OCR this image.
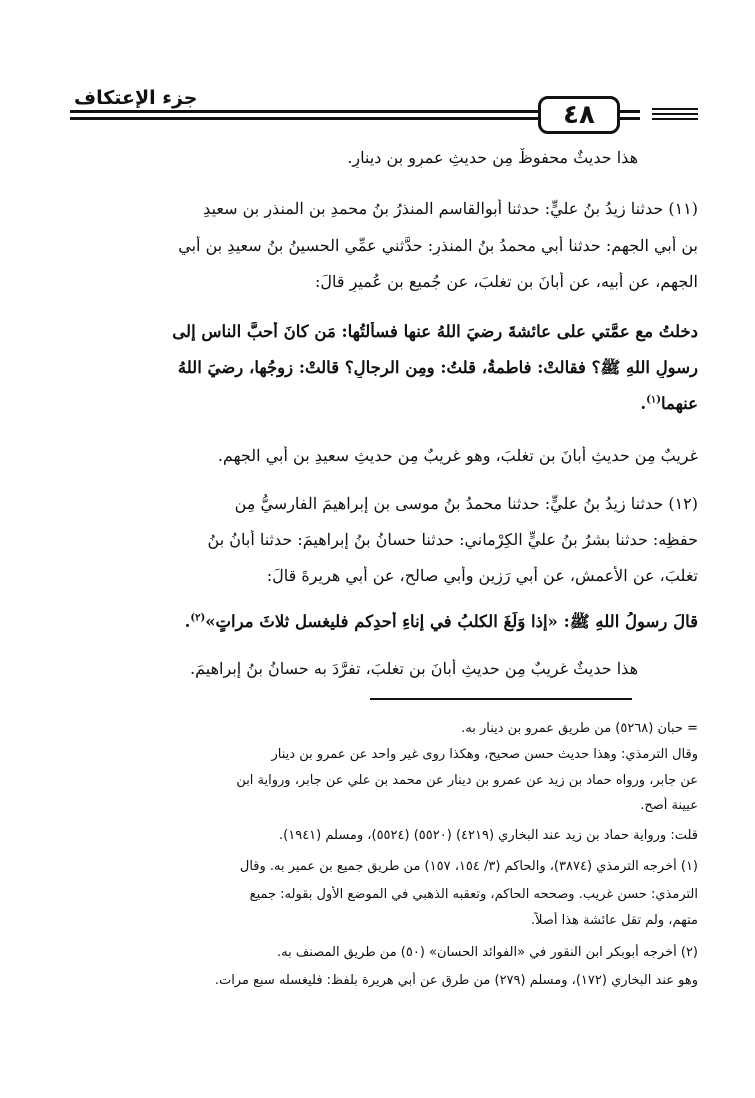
جزء الإعتكاف
٤٨
هذا حديثٌ محفوظٌ مِن حديثِ عمرِو بنِ دينارٍ.
(١١) حدثنا زيدُ بنُ عليٍّ: حدثنا أبوالقاسمِ المنذرُ بنُ محمدِ بنِ المنذرِ بنِ سعيدِ
بنِ أبي الجهمِ: حدثنا أبي محمدُ بنُ المنذرِ: حدَّثني عمِّي الحسينُ بنُ سعيدِ بنِ أبي
الجهمِ، عن أبيه، عن أبانَ بنِ تغلبَ، عن جُميعِ بنِ عُميرٍ قالَ:
دخلتُ مع عمَّتي على عائشةَ رضيَ اللهُ عنها فسألتُها: مَن كانَ أحبَّ الناسِ إلى
رسولِ اللهِ ﷺ؟ فقالتْ: فاطمةُ، قلتُ: ومِن الرجالِ؟ قالتْ: زوجُها، رضيَ اللهُ
عنهما$^{(١)}$.
غريبٌ مِن حديثِ أبانَ بنِ تغلبَ، وهو غريبٌ مِن حديثِ سعيدِ بنِ أبي الجهمِ.
(١٢) حدثنا زيدُ بنُ عليٍّ: حدثنا محمدُ بنُ موسى بنِ إبراهيمَ الفارسيُّ مِن
حفظِه: حدثنا بشرُ بنُ عليٍّ الكِرْماني: حدثنا حسانُ بنُ إبراهيمَ: حدثنا أبانُ بنُ
تغلبَ، عن الأعمشِ، عن أبي رَزِينٍ وأبي صالحٍ، عن أبي هريرةَ قالَ:
قالَ رسولُ اللهِ ﷺ: «إذا وَلَغَ الكلبُ في إناءِ أحدِكم فليغسل ثلاثَ مراتٍ»$^{(٢)}$.
هذا حديثٌ غريبٌ مِن حديثِ أبانَ بنِ تغلبَ، تفرَّدَ به حسانُ بنُ إبراهيمَ.
= حبان (٥٢٦٨) من طريق عمرو بن دينار به.
وقال الترمذي: وهذا حديث حسن صحيح، وهكذا روى غير واحد عن عمرو بن دينار
عن جابر، ورواه حماد بن زيد عن عمرو بن دينار عن محمد بن علي عن جابر، ورواية ابن
عيينة أصح.
قلت: ورواية حماد بن زيد عند البخاري (٤٢١٩) (٥٥٢٠) (٥٥٢٤)، ومسلم (١٩٤١).
(١) أخرجه الترمذي (٣٨٧٤)، والحاكم (٣/ ١٥٤، ١٥٧) من طريق جميع بن عمير به. وقال
الترمذي: حسن غريب. وصححه الحاكم، وتعقبه الذهبي في الموضع الأول بقوله: جميع
متهم، ولم تقل عائشة هذا أصلاً.
(٢) أخرجه أبوبكر ابن النقور في «الفوائد الحسان» (٥٠) من طريق المصنف به.
وهو عند البخاري (١٧٢)، ومسلم (٢٧٩) من طرق عن أبي هريرة بلفظ: فليغسله سبع مرات.
